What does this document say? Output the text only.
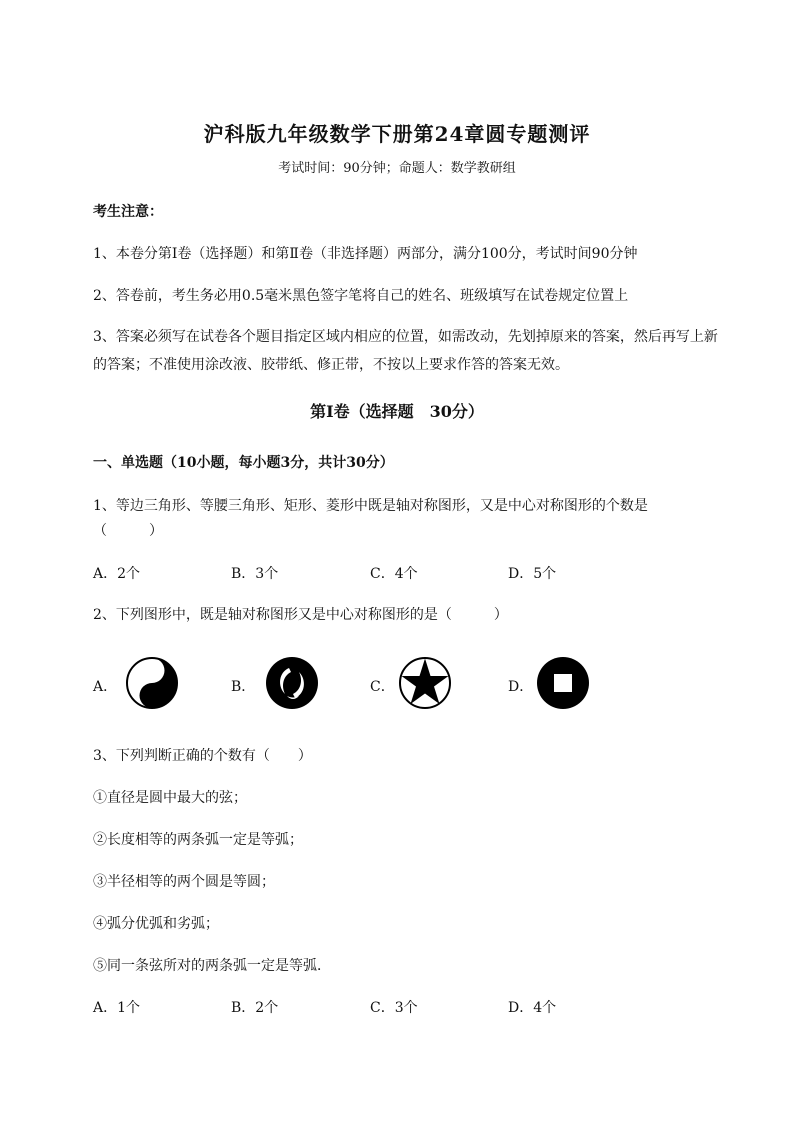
沪科版九年级数学下册第24章圆专题测评
考试时间：90分钟；命题人：数学教研组
考生注意：
1、本卷分第I卷（选择题）和第Ⅱ卷（非选择题）两部分，满分100分，考试时间90分钟
2、答卷前，考生务必用0.5毫米黑色签字笔将自己的姓名、班级填写在试卷规定位置上
3、答案必须写在试卷各个题目指定区域内相应的位置，如需改动，先划掉原来的答案，然后再写上新
的答案；不准使用涂改液、胶带纸、修正带，不按以上要求作答的答案无效。
第I卷（选择题　30分）
一、单选题（10小题，每小题3分，共计30分）
1、等边三角形、等腰三角形、矩形、菱形中既是轴对称图形，又是中心对称图形的个数是
（　　　）
A．2个	B．3个	C．4个	D．5个
2、下列图形中，既是轴对称图形又是中心对称图形的是（　　　）
A．	B．	C．	D．
3、下列判断正确的个数有（　　）
①直径是圆中最大的弦；
②长度相等的两条弧一定是等弧；
③半径相等的两个圆是等圆；
④弧分优弧和劣弧；
⑤同一条弦所对的两条弧一定是等弧．
A．1个	B．2个	C．3个	D．4个
